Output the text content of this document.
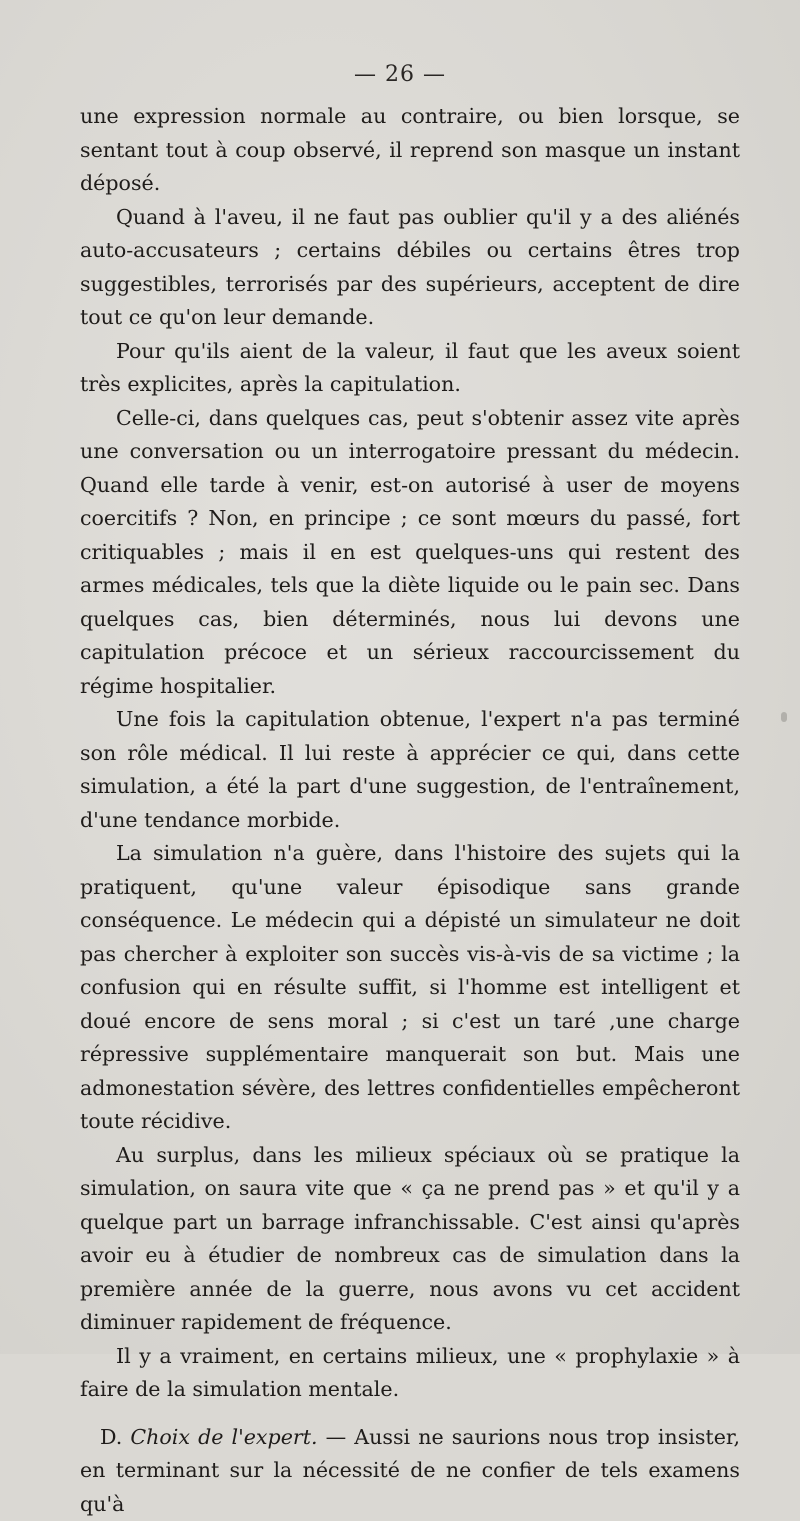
— 26 —

une expression normale au contraire, ou bien lorsque, se sentant tout à coup observé, il reprend son masque un instant déposé.

Quand à l'aveu, il ne faut pas oublier qu'il y a des aliénés auto-accusateurs ; certains débiles ou certains êtres trop suggestibles, terrorisés par des supérieurs, acceptent de dire tout ce qu'on leur demande.

Pour qu'ils aient de la valeur, il faut que les aveux soient très explicites, après la capitulation.

Celle-ci, dans quelques cas, peut s'obtenir assez vite après une conversation ou un interrogatoire pressant du médecin. Quand elle tarde à venir, est-on autorisé à user de moyens coercitifs ? Non, en principe ; ce sont mœurs du passé, fort critiquables ; mais il en est quelques-uns qui restent des armes médicales, tels que la diète liquide ou le pain sec. Dans quelques cas, bien déterminés, nous lui devons une capitulation précoce et un sérieux raccourcissement du régime hospitalier.

Une fois la capitulation obtenue, l'expert n'a pas terminé son rôle médical. Il lui reste à apprécier ce qui, dans cette simulation, a été la part d'une suggestion, de l'entraînement, d'une tendance morbide.

La simulation n'a guère, dans l'histoire des sujets qui la pratiquent, qu'une valeur épisodique sans grande conséquence. Le médecin qui a dépisté un simulateur ne doit pas chercher à exploiter son succès vis-à-vis de sa victime ; la confusion qui en résulte suffit, si l'homme est intelligent et doué encore de sens moral ; si c'est un taré ,une charge répressive supplémentaire manquerait son but. Mais une admonestation sévère, des lettres confidentielles empêcheront toute récidive.

Au surplus, dans les milieux spéciaux où se pratique la simulation, on saura vite que « ça ne prend pas » et qu'il y a quelque part un barrage infranchissable. C'est ainsi qu'après avoir eu à étudier de nombreux cas de simulation dans la première année de la guerre, nous avons vu cet accident diminuer rapidement de fréquence.

Il y a vraiment, en certains milieux, une « prophylaxie » à faire de la simulation mentale.

D. Choix de l'expert. — Aussi ne saurions nous trop insister, en terminant sur la nécessité de ne confier de tels examens qu'à
